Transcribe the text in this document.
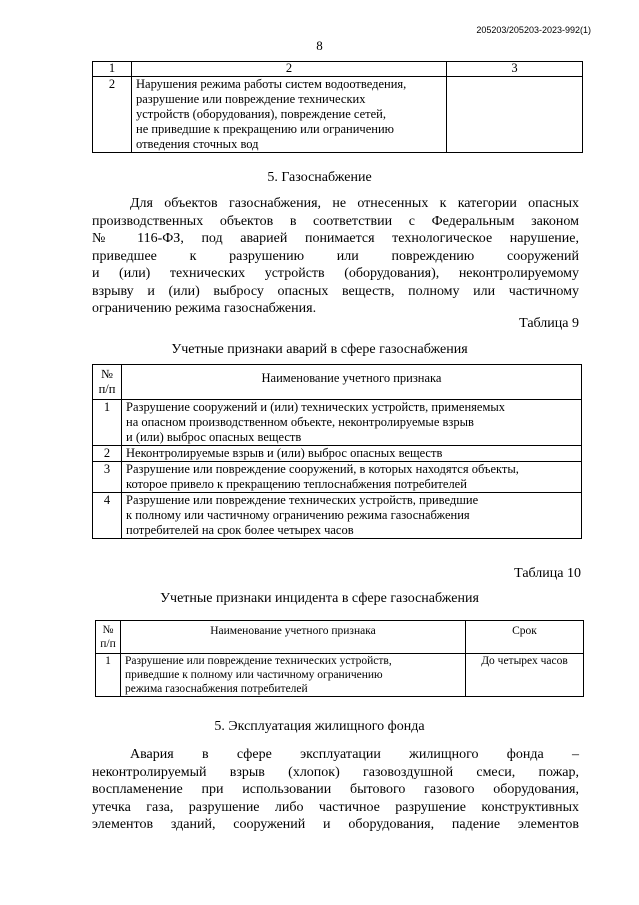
205203/205203-2023-992(1)
8
1	2	3
2	Нарушения режима работы систем водоотведения,
разрушение или повреждение технических
устройств (оборудования), повреждение сетей,
не приведшие к прекращению или ограничению
отведения сточных вод	

5. Газоснабжение

Для объектов газоснабжения, не отнесенных к категории опасных

производственных объектов в соответствии с Федеральным законом

№ 116-ФЗ, под аварией понимается технологическое нарушение,

приведшее к разрушению или повреждению сооружений

и (или) технических устройств (оборудования), неконтролируемому

взрыву и (или) выбросу опасных веществ, полному или частичному

ограничению режима газоснабжения.

Таблица 9
Учетные признаки аварий в сфере газоснабжения
№
п/п	Наименование учетного признака
1	Разрушение сооружений и (или) технических устройств, применяемых
на опасном производственном объекте, неконтролируемые взрыв
и (или) выброс опасных веществ

2	Неконтролируемые взрыв и (или) выброс опасных веществ

3	Разрушение или повреждение сооружений, в которых находятся объекты,
которое привело к прекращению теплоснабжения потребителей

4	Разрушение или повреждение технических устройств, приведшие
к полному или частичному ограничению режима газоснабжения
потребителей на срок более четырех часов
Таблица 10
Учетные признаки инцидента в сфере газоснабжения
№
п/п	Наименование учетного признака	Срок
1	Разрушение или повреждение технических устройств,
приведшие к полному или частичному ограничению
режима газоснабжения потребителей	До четырех часов
5. Эксплуатация жилищного фонда

Авария в сфере эксплуатации жилищного фонда –

неконтролируемый взрыв (хлопок) газовоздушной смеси, пожар,

воспламенение при использовании бытового газового оборудования,

утечка газа, разрушение либо частичное разрушение конструктивных

элементов зданий, сооружений и оборудования, падение элементов
